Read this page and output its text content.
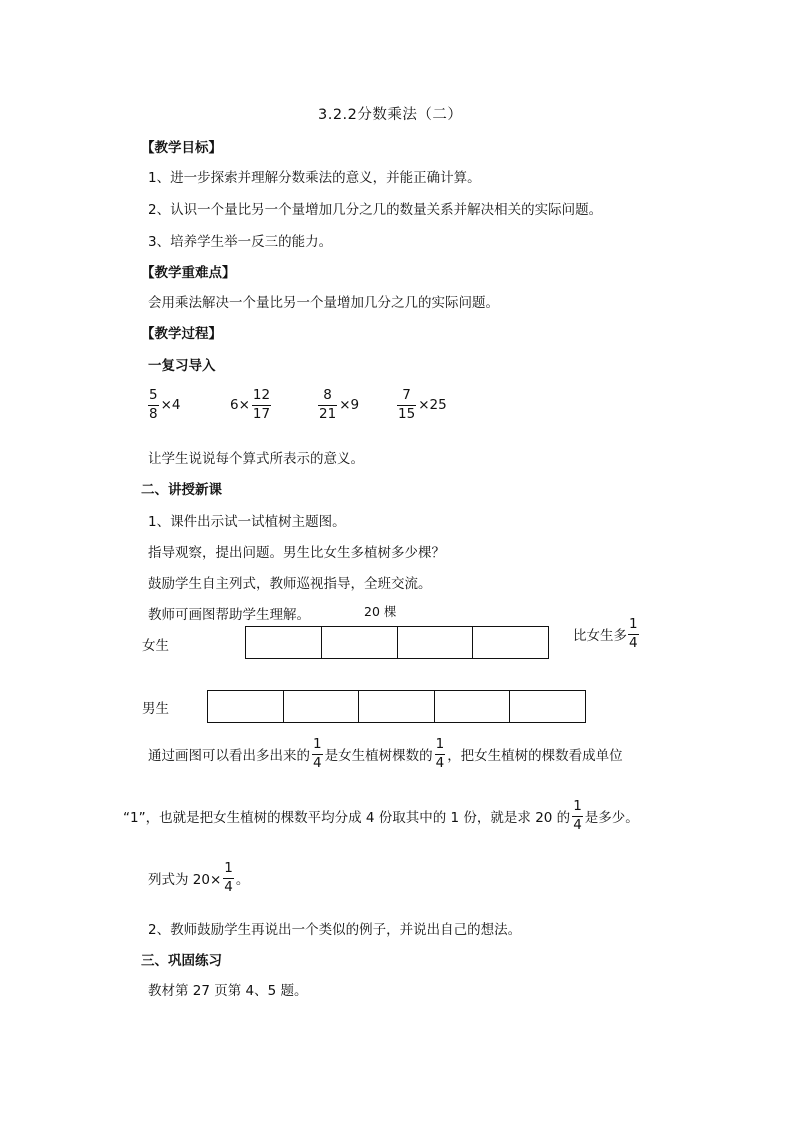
3.2.2分数乘法（二）
【教学目标】
1、进一步探索并理解分数乘法的意义，并能正确计算。
2、认识一个量比另一个量增加几分之几的数量关系并解决相关的实际问题。
3、培养学生举一反三的能力。
【教学重难点】
会用乘法解决一个量比另一个量增加几分之几的实际问题。
【教学过程】
一复习导入
$\frac{5}{8} \times 4$	$6\times \frac{12}{17}$	$\frac{8}{21} \times 9$	$\frac{7}{15} \times 25$
让学生说说每个算式所表示的意义。
二、讲授新课
1、课件出示试一试植树主题图。
指导观察，提出问题。男生比女生多植树多少棵？
鼓励学生自主列式，教师巡视指导，全班交流。
教师可画图帮助学生理解。	20 棵
女生
比女生多 $\frac{1}{4}$
男生
通过画图可以看出多出来的 $\frac{1}{4}$ 是女生植树棵数的 $\frac{1}{4}$ ，把女生植树的棵数看成单位
“1”，也就是把女生植树的棵数平均分成 4 份取其中的 1 份，就是求 20 的 $\frac{1}{4}$ 是多少。
列式为 $20\times \frac{1}{4}$ 。
2、教师鼓励学生再说出一个类似的例子，并说出自己的想法。
三、巩固练习
教材第 27 页第 4、5 题。
